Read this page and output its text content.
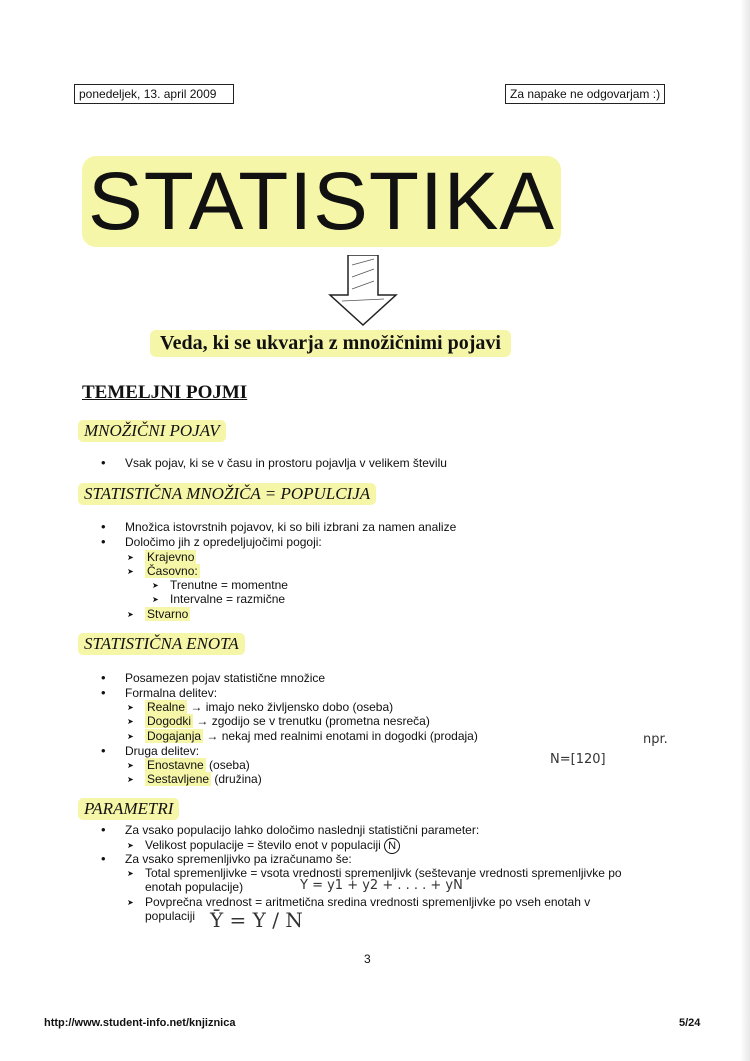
ponedeljek, 13. april 2009	Za napake ne odgovarjam :)
STATISTIKA
Veda, ki se ukvarja z množičnimi pojavi
TEMELJNI POJMI
MNOŽIČNI POJAV
• Vsak pojav, ki se v času in prostoru pojavlja v velikem številu
STATISTIČNA MNOŽIČA = POPULCIJA
• Množica istovrstnih pojavov, ki so bili izbrani za namen analize
• Določimo jih z opredeljujočimi pogoji:
➤ Krajevno
➤ Časovno:
➤ Trenutne = momentne
➤ Intervalne = razmične
➤ Stvarno
STATISTIČNA ENOTA
• Posamezen pojav statistične množice
• Formalna delitev:
➤ Realne → imajo neko življensko dobo (oseba)
➤ Dogodki → zgodijo se v trenutku (prometna nesreča)
➤ Dogajanja → nekaj med realnimi enotami in dogodki (prodaja)
• Druga delitev:
➤ Enostavne (oseba)
➤ Sestavljene (družina)
N=[120]
npr.
PARAMETRI
• Za vsako populacijo lahko določimo naslednji statistični parameter:
➤ Velikost populacije = število enot v populaciji N
• Za vsako spremenljivko pa izračunamo še:
➤ Total spremenljivke = vsota vrednosti spremenljivk (seštevanje vrednosti spremenljivke po
enotah populacije)	Y = y1 + y2 + . . . . + yN
➤ Povprečna vrednost = aritmetična sredina vrednosti spremenljivke po vseh enotah v
populaciji Ȳ = Y / N
3
http://www.student-info.net/knjiznica	5/24
